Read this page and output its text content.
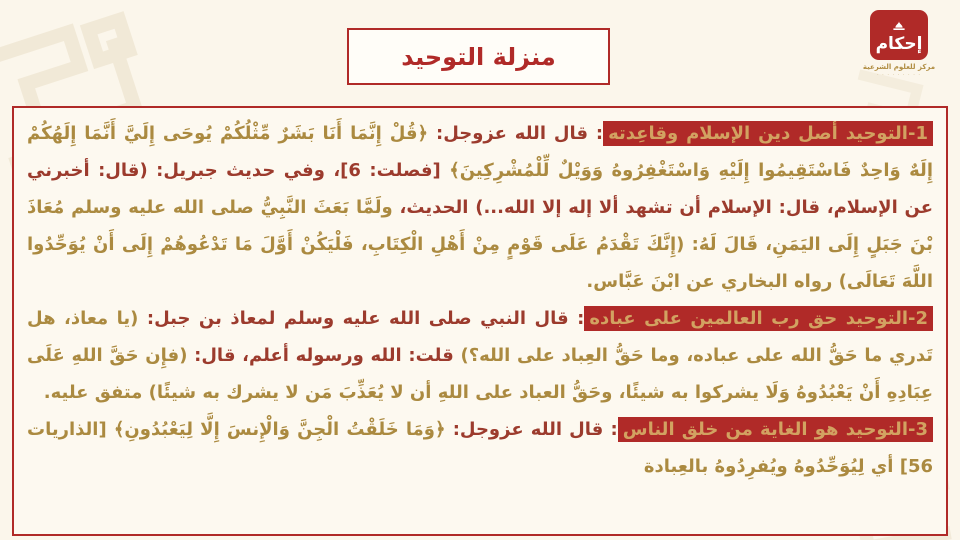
منزلة التوحيد	إحكام
مركز للعلوم الشرعية
· · · · · · · · ·

1-التوحيد أصل دين الإسلام وقاعِدته: قال الله عزوجل: ﴿قُلْ إِنَّمَا أَنَا بَشَرٌ مِّثْلُكُمْ يُوحَى إِلَيَّ أَنَّمَا إِلَهُكُمْ إِلَهٌ وَاحِدٌ فَاسْتَقِيمُوا إِلَيْهِ وَاسْتَغْفِرُوهُ وَوَيْلٌ لِّلْمُشْرِكِينَ﴾ [فصلت: 6]، وفي حديث جبريل: (قال: أخبرني عن الإسلام، قال: الإسلام أن تشهد ألا إله إلا الله...) الحديث، ولَمَّا بَعَثَ النَّبِيُّ صلى الله عليه وسلم مُعَاذَ بْنَ جَبَلٍ إِلَى اليَمَنِ، قَالَ لَهُ: (إِنَّكَ تَقْدَمُ عَلَى قَوْمٍ مِنْ أَهْلِ الْكِتَابِ، فَلْيَكُنْ أَوَّلَ مَا تَدْعُوهُمْ إِلَى أَنْ يُوَحِّدُوا اللَّهَ تَعَالَى) رواه البخاري عن ابْنَ عَبَّاس.

2-التوحيد حق رب العالمين على عباده: قال النبي صلى الله عليه وسلم لمعاذ بن جبل: (يا معاذ، هل تَدري ما حَقُّ الله على عباده، وما حَقُّ العِباد على الله؟) قلت: الله ورسوله أعلم، قال: (فإِن حَقَّ اللهِ عَلَى عِبَادِهِ أَنْ يَعْبُدُوهُ وَلَا يشركوا به شيئًا، وحَقُّ العباد على اللهِ أن لا يُعَذِّبَ مَن لا يشرك به شيئًا) متفق عليه.

3-التوحيد هو الغاية من خلق الناس: قال الله عزوجل: ﴿وَمَا خَلَقْتُ الْجِنَّ وَالْإِنسَ إِلَّا لِيَعْبُدُونِ﴾ [الذاريات 56] أي لِيُوَحِّدُوهُ ويُفرِدُوهُ بالعِبادة
